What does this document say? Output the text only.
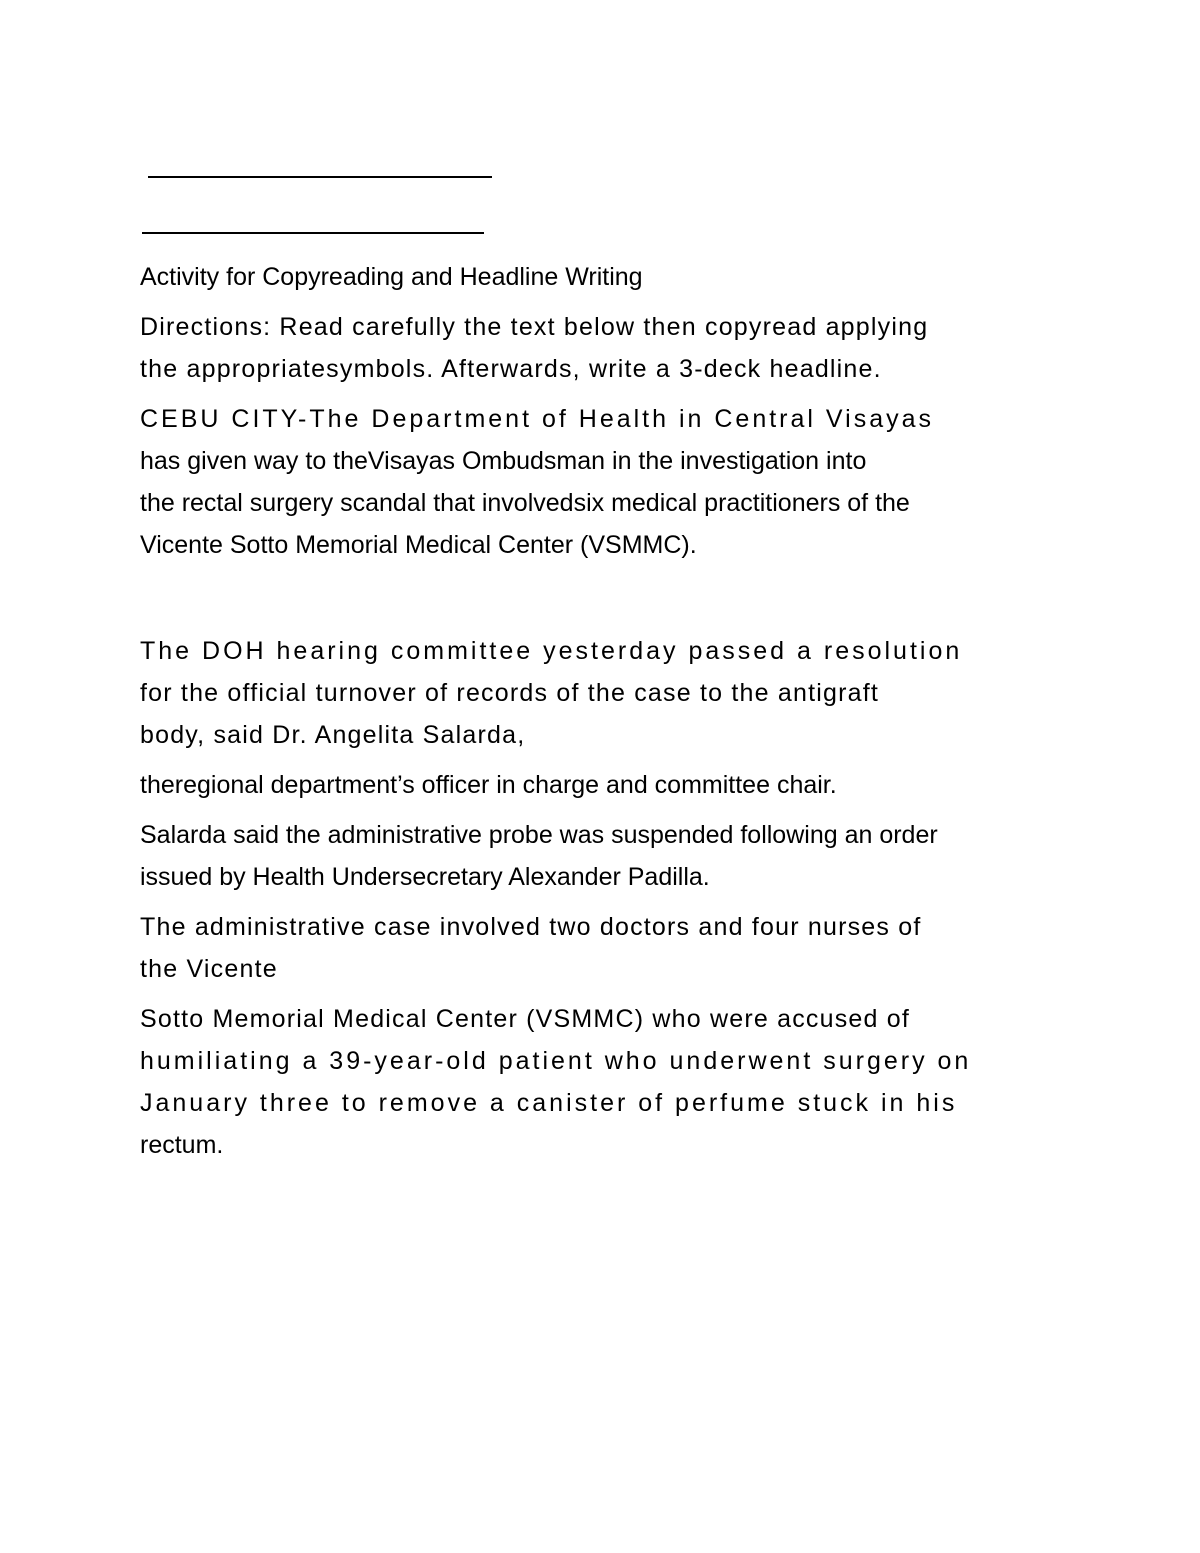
Activity for Copyreading and Headline Writing
Directions: Read carefully the text below then copyread applying
the appropriatesymbols. Afterwards, write a 3-deck headline.
CEBU CITY-The Department of Health in Central Visayas
has given way to theVisayas Ombudsman in the investigation into
the rectal surgery scandal that involvedsix medical practitioners of the
Vicente Sotto Memorial Medical Center (VSMMC).
The DOH hearing committee yesterday passed a resolution
for the official turnover of records of the case to the antigraft
body, said Dr. Angelita Salarda,
theregional department’s officer in charge and committee chair.
Salarda said the administrative probe was suspended following an order
issued by Health Undersecretary Alexander Padilla.
The administrative case involved two doctors and four nurses of
the Vicente
Sotto Memorial Medical Center (VSMMC) who were accused of
humiliating a 39-year-old patient who underwent surgery on
January three to remove a canister of perfume stuck in his
rectum.
